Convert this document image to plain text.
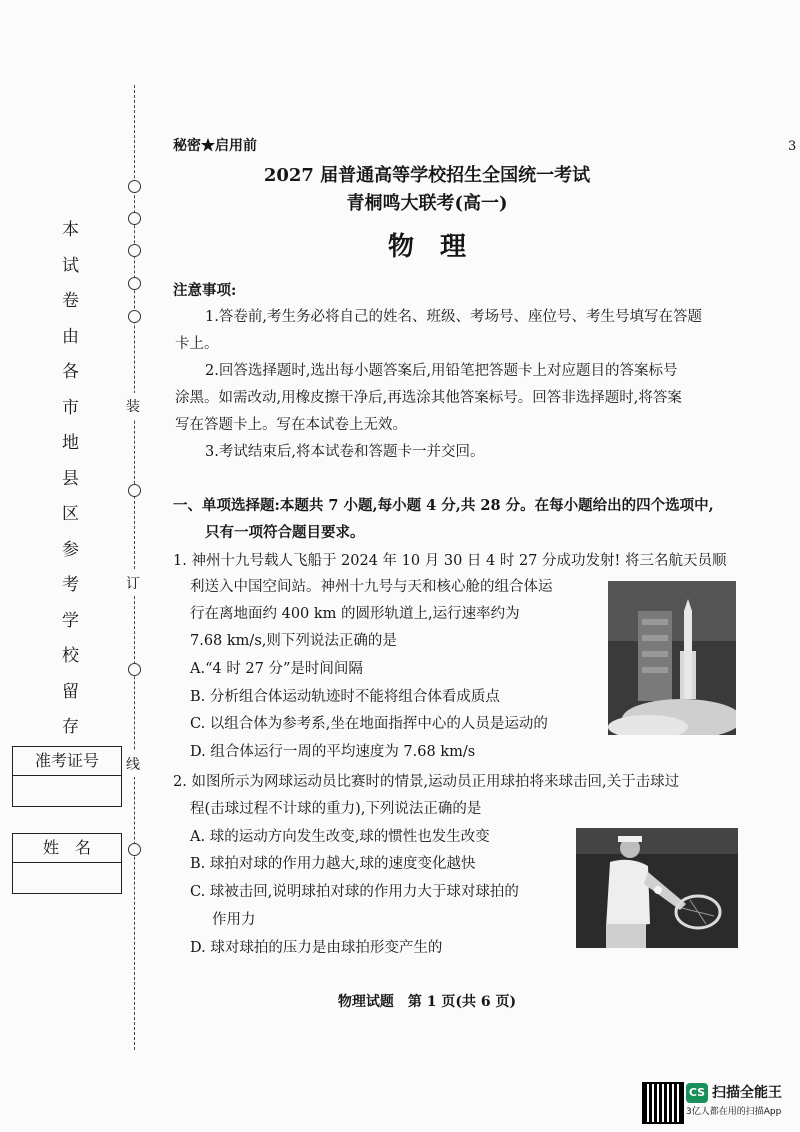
本
试
卷
由
各
市
地
县
区
参
考
学
校
留
存
装
订
线
准考证号
姓　名
秘密★启用前	3
2027 届普通高等学校招生全国统一考试
青桐鸣大联考(高一)
物　理
注意事项:
1.答卷前,考生务必将自己的姓名、班级、考场号、座位号、考生号填写在答题
卡上。
2.回答选择题时,选出每小题答案后,用铅笔把答题卡上对应题目的答案标号
涂黑。如需改动,用橡皮擦干净后,再选涂其他答案标号。回答非选择题时,将答案
写在答题卡上。写在本试卷上无效。
3.考试结束后,将本试卷和答题卡一并交回。
一、单项选择题:本题共 7 小题,每小题 4 分,共 28 分。在每小题给出的四个选项中,
只有一项符合题目要求。
1. 神州十九号载人飞船于 2024 年 10 月 30 日 4 时 27 分成功发射! 将三名航天员顺
利送入中国空间站。神州十九号与天和核心舱的组合体运
行在离地面约 400 km 的圆形轨道上,运行速率约为
7.68 km/s,则下列说法正确的是
A.“4 时 27 分”是时间间隔
B. 分析组合体运动轨迹时不能将组合体看成质点
C. 以组合体为参考系,坐在地面指挥中心的人员是运动的
D. 组合体运行一周的平均速度为 7.68 km/s
2. 如图所示为网球运动员比赛时的情景,运动员正用球拍将来球击回,关于击球过
程(击球过程不计球的重力),下列说法正确的是
A. 球的运动方向发生改变,球的惯性也发生改变
B. 球拍对球的作用力越大,球的速度变化越快
C. 球被击回,说明球拍对球的作用力大于球对球拍的
作用力
D. 球对球拍的压力是由球拍形变产生的
物理试题　第 1 页(共 6 页)
CS 扫描全能王
3亿人都在用的扫描App
